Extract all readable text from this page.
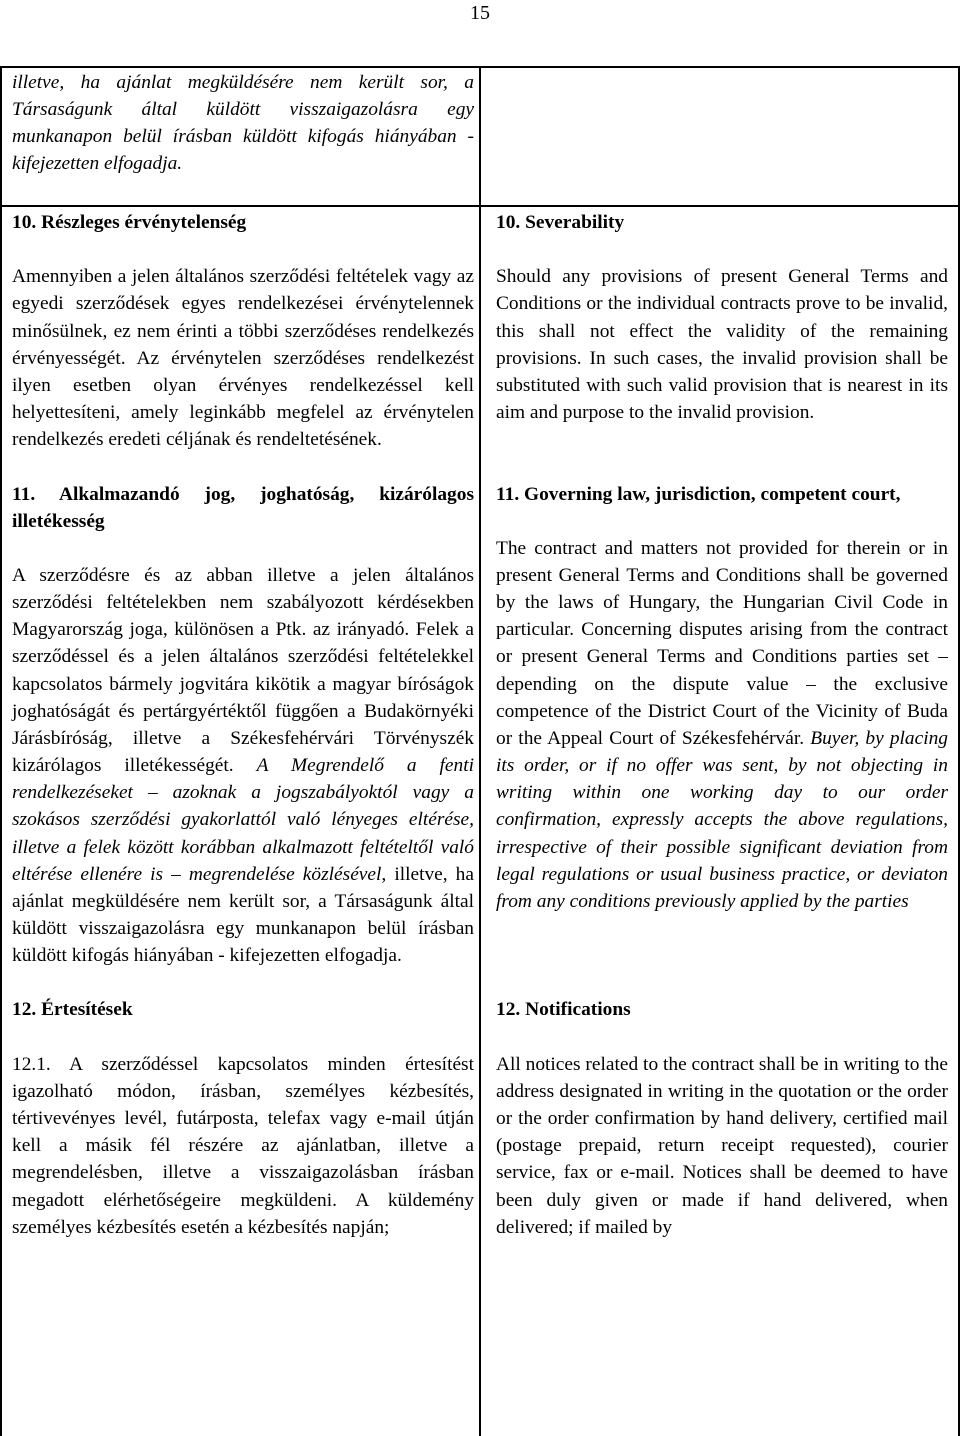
15

illetve, ha ajánlat megküldésére nem került sor, a Társaságunk által küldött visszaigazolásra egy munkanapon belül írásban küldött kifogás hiányában - kifejezetten elfogadja.

10. Részleges érvénytelenség

Amennyiben a jelen általános szerződési feltételek vagy az egyedi szerződések egyes rendelkezései érvénytelennek minősülnek, ez nem érinti a többi szerződéses rendelkezés érvényességét. Az érvénytelen szerződéses rendelkezést ilyen esetben olyan érvényes rendelkezéssel kell helyettesíteni, amely leginkább megfelel az érvénytelen rendelkezés eredeti céljának és rendeltetésének.

11. Alkalmazandó jog, joghatóság, kizárólagos illetékesség

A szerződésre és az abban illetve a jelen általános szerződési feltételekben nem szabályozott kérdésekben Magyarország joga, különösen a Ptk. az irányadó. Felek a szerződéssel és a jelen általános szerződési feltételekkel kapcsolatos bármely jogvitára kikötik a magyar bíróságok joghatóságát és pertárgyértéktől függően a Budakörnyéki Járásbíróság, illetve a Székesfehérvári Törvényszék kizárólagos illetékességét. A Megrendelő a fenti rendelkezéseket – azoknak a jogszabályoktól vagy a szokásos szerződési gyakorlattól való lényeges eltérése, illetve a felek között korábban alkalmazott feltételtől való eltérése ellenére is – megrendelése közlésével, illetve, ha ajánlat megküldésére nem került sor, a Társaságunk által küldött visszaigazolásra egy munkanapon belül írásban küldött kifogás hiányában - kifejezetten elfogadja.

12. Értesítések

12.1. A szerződéssel kapcsolatos minden értesítést igazolható módon, írásban, személyes kézbesítés, tértivevényes levél, futárposta, telefax vagy e-mail útján kell a másik fél részére az ajánlatban, illetve a megrendelésben, illetve a visszaigazolásban írásban megadott elérhetőségeire megküldeni. A küldemény személyes kézbesítés esetén a kézbesítés napján;

10. Severability

Should any provisions of present General Terms and Conditions or the individual contracts prove to be invalid, this shall not effect the validity of the remaining provisions. In such cases, the invalid provision shall be substituted with such valid provision that is nearest in its aim and purpose to the invalid provision.

11. Governing law, jurisdiction, competent court,

The contract and matters not provided for therein or in present General Terms and Conditions shall be governed by the laws of Hungary, the Hungarian Civil Code in particular. Concerning disputes arising from the contract or present General Terms and Conditions parties set – depending on the dispute value – the exclusive competence of the District Court of the Vicinity of Buda or the Appeal Court of Székesfehérvár. Buyer, by placing its order, or if no offer was sent, by not objecting in writing within one working day to our order confirmation, expressly accepts the above regulations, irrespective of their possible significant deviation from legal regulations or usual business practice, or deviaton from any conditions previously applied by the parties

12. Notifications

All notices related to the contract shall be in writing to the address designated in writing in the quotation or the order or the order confirmation by hand delivery, certified mail (postage prepaid, return receipt requested), courier service, fax or e-mail. Notices shall be deemed to have been duly given or made if hand delivered, when delivered; if mailed by
